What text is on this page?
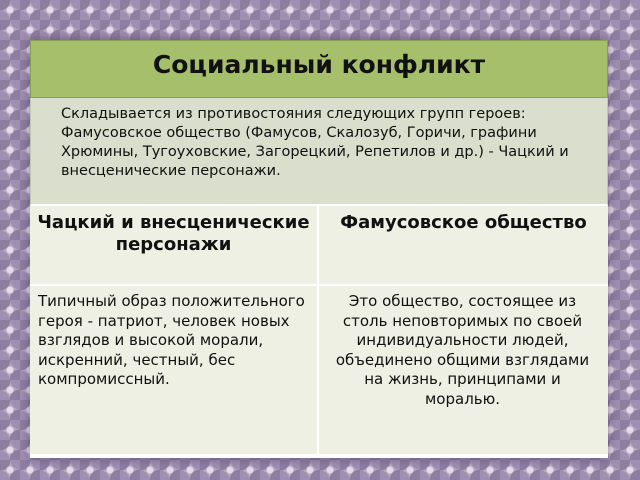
Социальный конфликт
Складывается из противостояния следующих групп героев: Фамусовское общество (Фамусов, Скалозуб, Горичи, графини Хрюмины, Тугоуховские, Загорецкий, Репетилов и др.) - Чацкий и внесценические персонажи.
Чацкий и внесценические персонажи
Фамусовское общество
Типичный образ положительного героя - патриот, человек новых взглядов и высокой морали, искренний, честный, бес компромиссный.
Это общество, состоящее из столь неповторимых по своей индивидуальности людей, объединено общими взглядами на жизнь, принципами и моралью.
